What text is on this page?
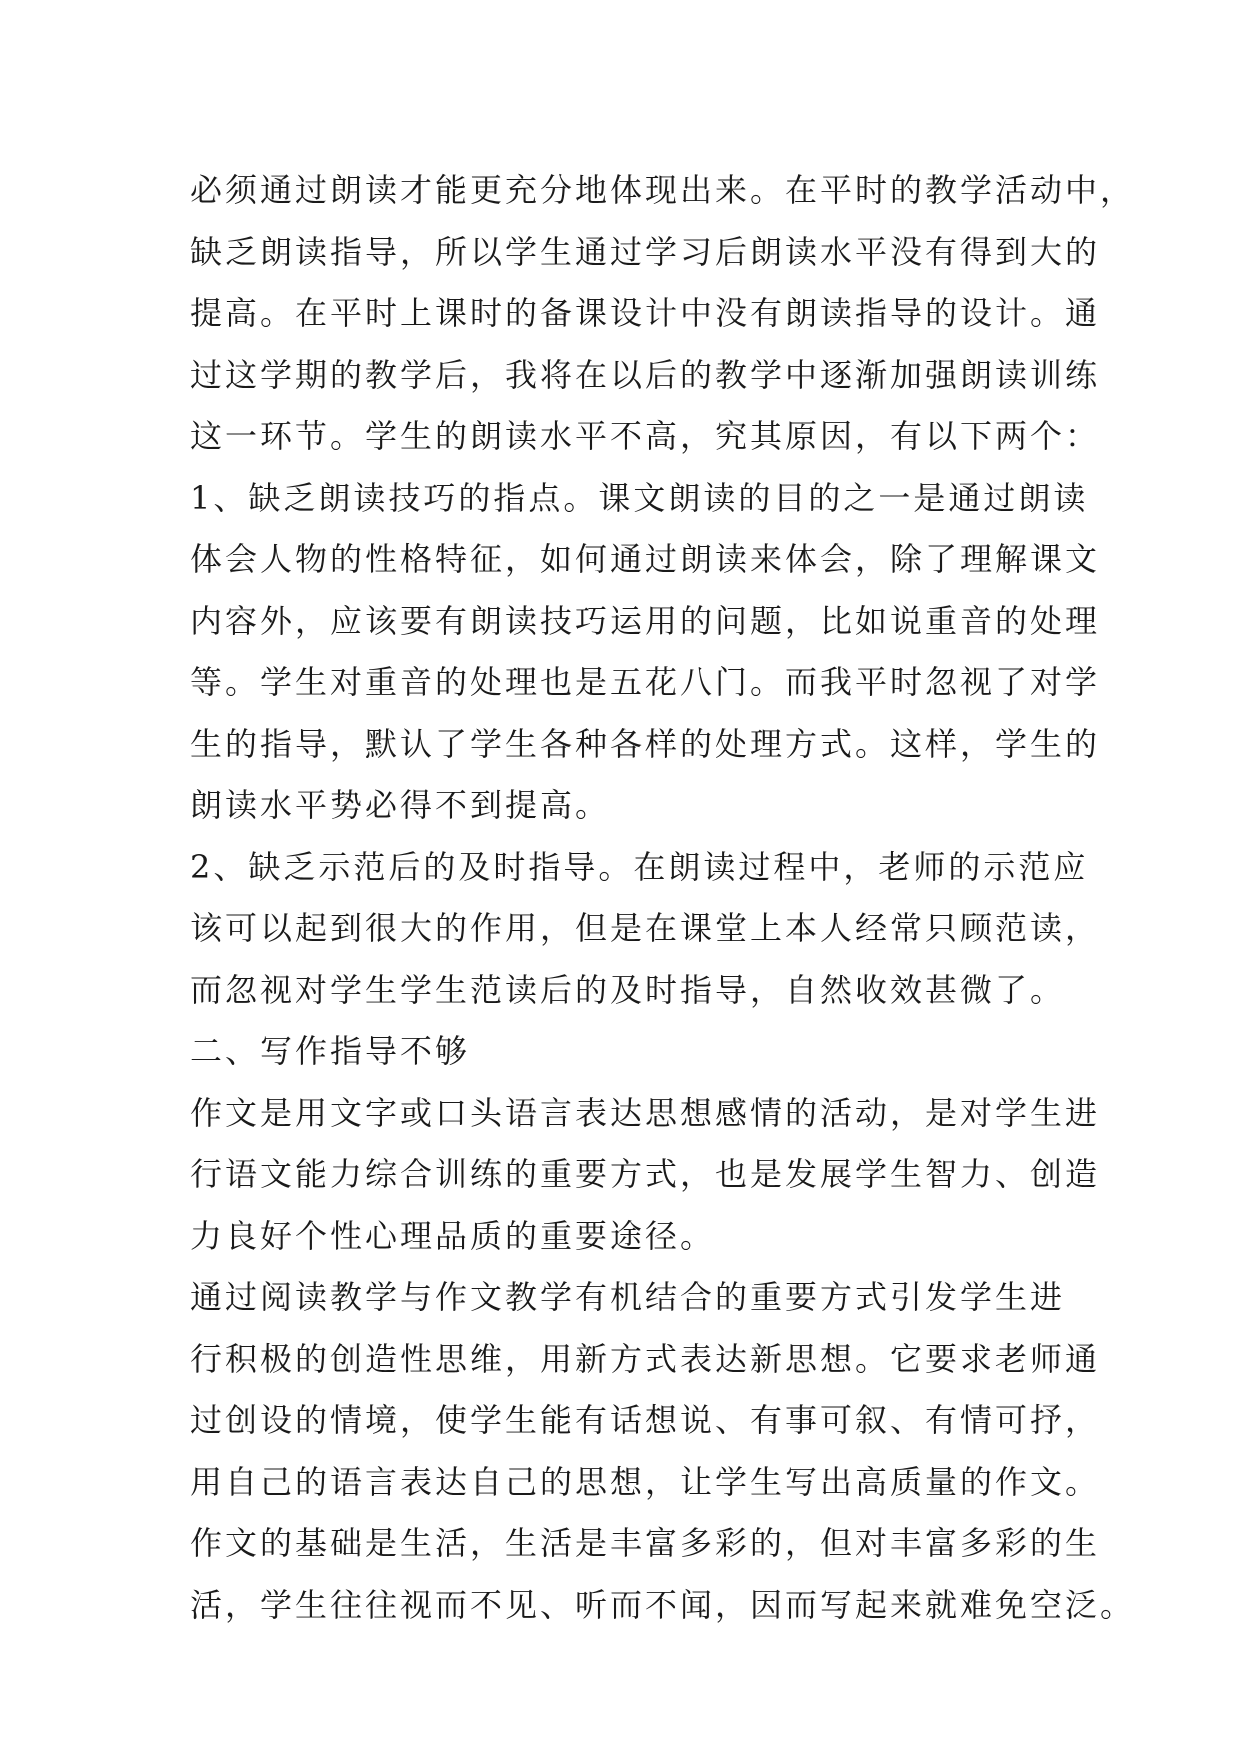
必须通过朗读才能更充分地体现出来。在平时的教学活动中，

缺乏朗读指导，所以学生通过学习后朗读水平没有得到大的

提高。在平时上课时的备课设计中没有朗读指导的设计。通

过这学期的教学后，我将在以后的教学中逐渐加强朗读训练

这一环节。学生的朗读水平不高，究其原因，有以下两个：

1、缺乏朗读技巧的指点。课文朗读的目的之一是通过朗读

体会人物的性格特征，如何通过朗读来体会，除了理解课文

内容外，应该要有朗读技巧运用的问题，比如说重音的处理

等。学生对重音的处理也是五花八门。而我平时忽视了对学

生的指导，默认了学生各种各样的处理方式。这样，学生的

朗读水平势必得不到提高。

2、缺乏示范后的及时指导。在朗读过程中，老师的示范应

该可以起到很大的作用，但是在课堂上本人经常只顾范读，

而忽视对学生学生范读后的及时指导，自然收效甚微了。

二、写作指导不够

作文是用文字或口头语言表达思想感情的活动，是对学生进

行语文能力综合训练的重要方式，也是发展学生智力、创造

力良好个性心理品质的重要途径。

通过阅读教学与作文教学有机结合的重要方式引发学生进

行积极的创造性思维，用新方式表达新思想。它要求老师通

过创设的情境，使学生能有话想说、有事可叙、有情可抒，

用自己的语言表达自己的思想，让学生写出高质量的作文。

作文的基础是生活，生活是丰富多彩的，但对丰富多彩的生

活，学生往往视而不见、听而不闻，因而写起来就难免空泛。
